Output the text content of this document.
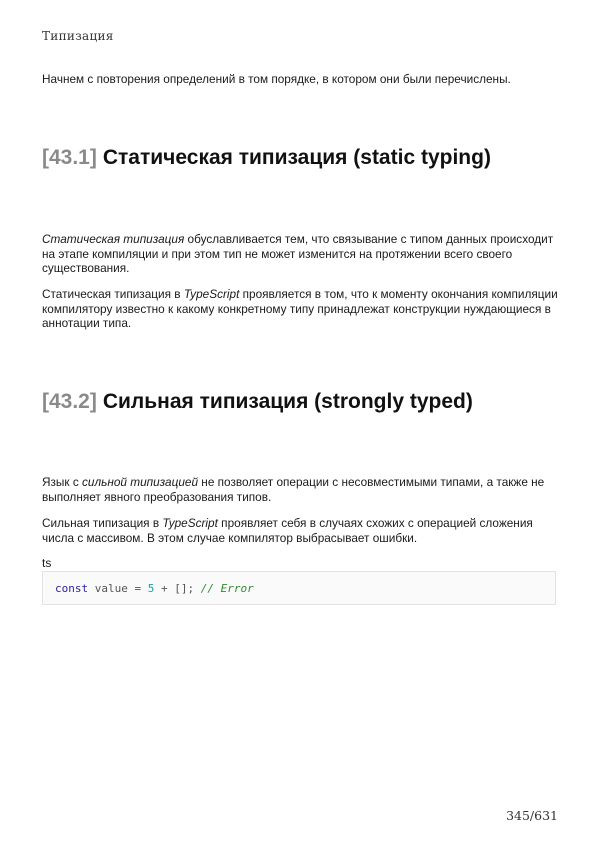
Типизация
Начнем с повторения определений в том порядке, в котором они были перечислены.
[43.1] Статическая типизация (static typing)
Статическая типизация обуславливается тем, что связывание с типом данных происходит на этапе компиляции и при этом тип не может изменится на протяжении всего своего существования.
Статическая типизация в TypeScript проявляется в том, что к моменту окончания компиляции компилятору известно к какому конкретному типу принадлежат конструкции нуждающиеся в аннотации типа.
[43.2] Сильная типизация (strongly typed)
Язык с сильной типизацией не позволяет операции с несовместимыми типами, а также не выполняет явного преобразования типов.
Сильная типизация в TypeScript проявляет себя в случаях схожих с операцией сложения числа с массивом. В этом случае компилятор выбрасывает ошибки.
ts
const value = 5 + []; // Error
345/631
